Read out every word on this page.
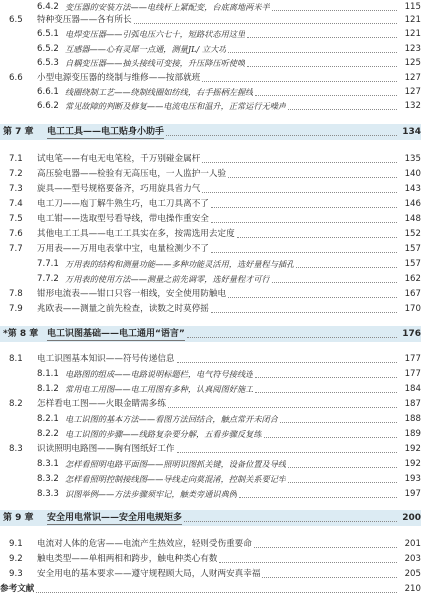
6.4.2 变压器的安装方法——电线杆上紧配变，台底离地两米半	115
6.5	特种变压器——各有所长	121
6.5.1 电焊变压器——引弧电压六七十，短路状态用这里	121
6.5.2 互感器——心有灵犀一点通，测量JL/ 立大功	123
6.5.3 自耦变压器——抽头接线可变接，升压降压听使唤	125
6.6	小型电源变压器的绕制与维修——按部就班	127
6.6.1 线圈绕制工艺——绕制线圈如纺线，右手摇柄左握线	127
6.6.2 常见故障的判断及修复——电流电压和温升，正常运行无噪声	132
第 7 章	电工工具——电工贴身小助手	134
7.1	试电笔——有电无电笔检，千万别碰金属杆	135
7.2	高压验电器——检验有无高压电，一人监护一人验	140
7.3	旋具——型号规格要备齐，巧用旋具省力气	143
7.4	电工刀——庖丁解牛熟生巧，电工刀具离不了	146
7.5	电工钳——选取型号看导线，带电操作重安全	148
7.6	其他电工工具——电工工具实在多，按需选用去定度	152
7.7	万用表——万用电表掌中宝，电量检测少不了	157
7.7.1 万用表的结构和测量功能——多种功能灵活用，选好量程与插孔	157
7.7.2 万用表的使用方法——测量之前先调零，选好量程才可行	162
7.8	钳形电流表——钳口只容一相线，安全使用防触电	167
7.9	兆欧表——测量之前先检查，读数之时莫停摇	170
*第 8 章 电工识图基础——电工通用“语言”	176
8.1	电工识图基本知识——符号传递信息	177
8.1.1 电路图的组成——电路说明标题栏，电气符号接线连	177
8.1.2 常用电工用图——电工用图有多种，认真阅图好施工	184
8.2	怎样看电工图——火眼金睛需多练	187
8.2.1 电工识图的基本方法——看图方法回结合，触点常开未闭合	188
8.2.2 电工识图的步骤——线路复杂要分解，五看步骤反复练	189
8.3	识读照明电路图——胸有图纸好工作	192
8.3.1 怎样看照明电路平面图——照明识图抓关键，设备位置及导线	192
8.3.2 怎样看照明控制接线图——导线走向莫混淆，控制关系要记牢	193
8.3.3 识图举例——方法步骤须牢记，触类旁通识典例	197
第 9 章	安全用电常识——安全用电规矩多	200
9.1	电流对人体的危害——电流产生热效应，轻则受伤重要命	201
9.2	触电类型——单相两相和跨步，触电种类心有数	203
9.3	安全用电的基本要求——遵守规程顾大局，人财两安真幸福	205
参考文献	210
